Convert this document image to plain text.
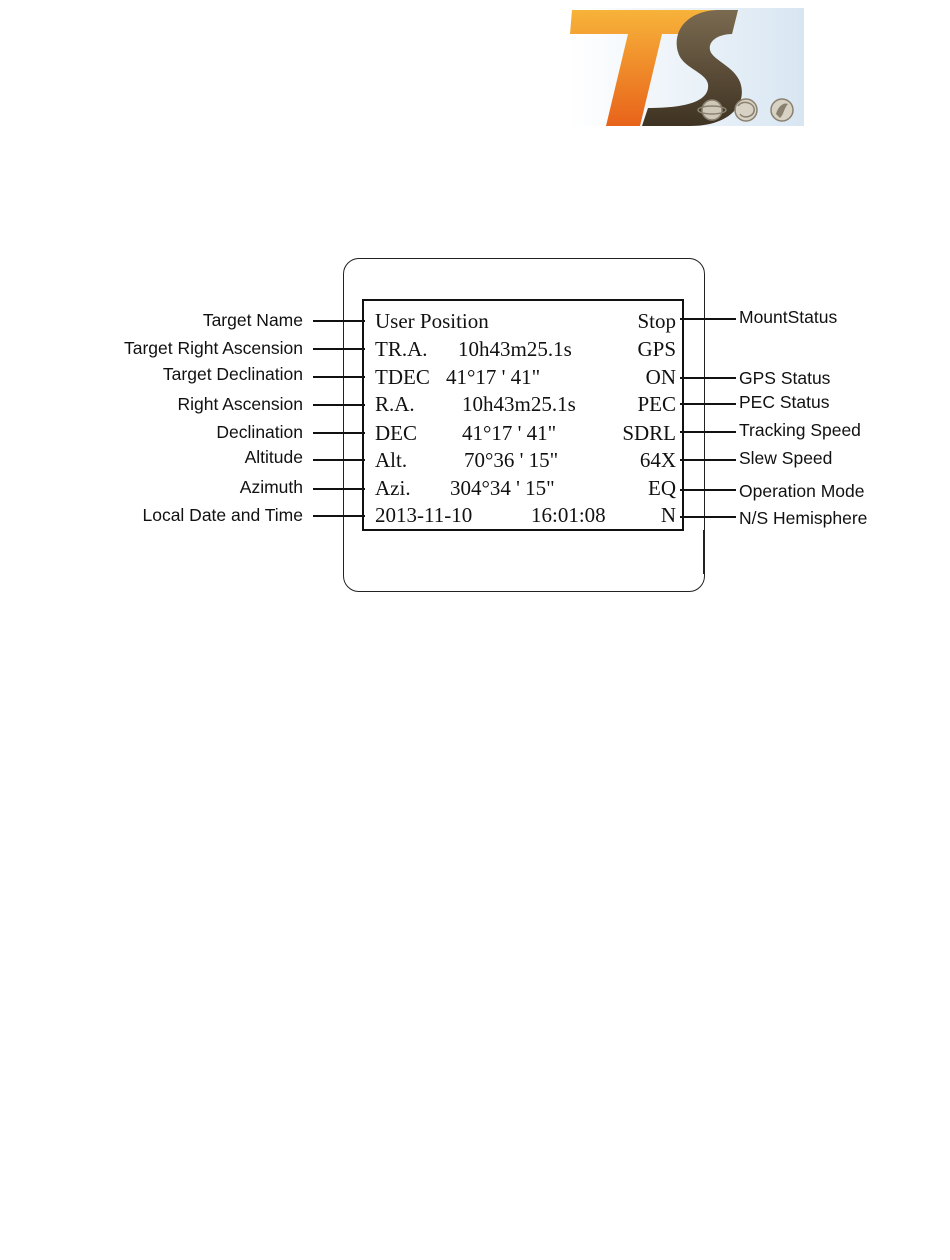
User Position	Stop
TR.A. 10h43m25.1s	GPS
TDEC 41°17 ' 41"	ON
R.A. 10h43m25.1s	PEC
DEC 41°17 ' 41"	SDRL
Alt.	70°36 ' 15"	64X
Azi. 304°34 ' 15"	EQ
2013-11-10	16:01:08	N
Target Name
Target Right Ascension
Target Declination
Right Ascension
Declination
Altitude
Azimuth
Local Date and Time
MountStatus
GPS Status
PEC Status
Tracking Speed
Slew Speed
Operation Mode
N/S Hemisphere
